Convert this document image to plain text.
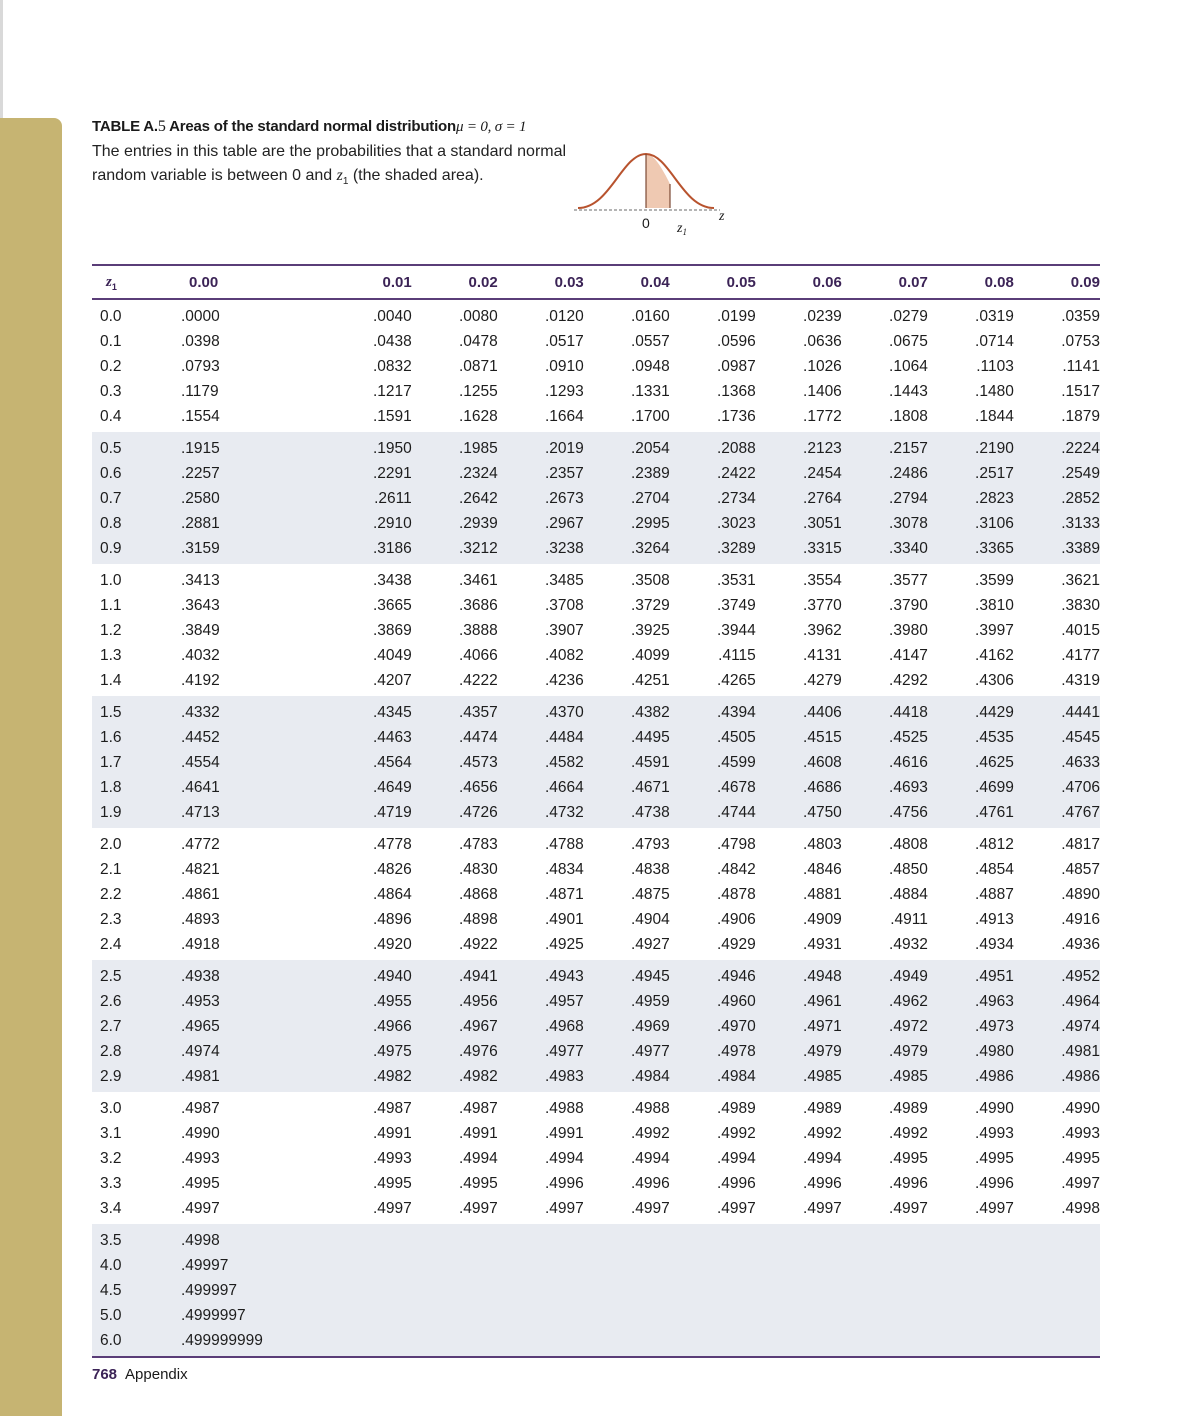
TABLE A.5 Areas of the standard normal distributionμ = 0, σ = 1
The entries in this table are the probabilities that a standard normal random variable is between 0 and $z_1$ (the shaded area).
0 $z_1$
z
$z_1$	0.00	0.01	0.02	0.03	0.04	0.05	0.06	0.07	0.08	0.09
0.0	.0000	.0040	.0080	.0120	.0160	.0199	.0239	.0279	.0319	.0359
0.1	.0398	.0438	.0478	.0517	.0557	.0596	.0636	.0675	.0714	.0753
0.2	.0793	.0832	.0871	.0910	.0948	.0987	.1026	.1064	.1103	.1141
0.3	.1179	.1217	.1255	.1293	.1331	.1368	.1406	.1443	.1480	.1517
0.4	.1554	.1591	.1628	.1664	.1700	.1736	.1772	.1808	.1844	.1879
0.5	.1915	.1950	.1985	.2019	.2054	.2088	.2123	.2157	.2190	.2224
0.6	.2257	.2291	.2324	.2357	.2389	.2422	.2454	.2486	.2517	.2549
0.7	.2580	.2611	.2642	.2673	.2704	.2734	.2764	.2794	.2823	.2852
0.8	.2881	.2910	.2939	.2967	.2995	.3023	.3051	.3078	.3106	.3133
0.9	.3159	.3186	.3212	.3238	.3264	.3289	.3315	.3340	.3365	.3389
1.0	.3413	.3438	.3461	.3485	.3508	.3531	.3554	.3577	.3599	.3621
1.1	.3643	.3665	.3686	.3708	.3729	.3749	.3770	.3790	.3810	.3830
1.2	.3849	.3869	.3888	.3907	.3925	.3944	.3962	.3980	.3997	.4015
1.3	.4032	.4049	.4066	.4082	.4099	.4115	.4131	.4147	.4162	.4177
1.4	.4192	.4207	.4222	.4236	.4251	.4265	.4279	.4292	.4306	.4319
1.5	.4332	.4345	.4357	.4370	.4382	.4394	.4406	.4418	.4429	.4441
1.6	.4452	.4463	.4474	.4484	.4495	.4505	.4515	.4525	.4535	.4545
1.7	.4554	.4564	.4573	.4582	.4591	.4599	.4608	.4616	.4625	.4633
1.8	.4641	.4649	.4656	.4664	.4671	.4678	.4686	.4693	.4699	.4706
1.9	.4713	.4719	.4726	.4732	.4738	.4744	.4750	.4756	.4761	.4767
2.0	.4772	.4778	.4783	.4788	.4793	.4798	.4803	.4808	.4812	.4817
2.1	.4821	.4826	.4830	.4834	.4838	.4842	.4846	.4850	.4854	.4857
2.2	.4861	.4864	.4868	.4871	.4875	.4878	.4881	.4884	.4887	.4890
2.3	.4893	.4896	.4898	.4901	.4904	.4906	.4909	.4911	.4913	.4916
2.4	.4918	.4920	.4922	.4925	.4927	.4929	.4931	.4932	.4934	.4936
2.5	.4938	.4940	.4941	.4943	.4945	.4946	.4948	.4949	.4951	.4952
2.6	.4953	.4955	.4956	.4957	.4959	.4960	.4961	.4962	.4963	.4964
2.7	.4965	.4966	.4967	.4968	.4969	.4970	.4971	.4972	.4973	.4974
2.8	.4974	.4975	.4976	.4977	.4977	.4978	.4979	.4979	.4980	.4981
2.9	.4981	.4982	.4982	.4983	.4984	.4984	.4985	.4985	.4986	.4986
3.0	.4987	.4987	.4987	.4988	.4988	.4989	.4989	.4989	.4990	.4990
3.1	.4990	.4991	.4991	.4991	.4992	.4992	.4992	.4992	.4993	.4993
3.2	.4993	.4993	.4994	.4994	.4994	.4994	.4994	.4995	.4995	.4995
3.3	.4995	.4995	.4995	.4996	.4996	.4996	.4996	.4996	.4996	.4997
3.4	.4997	.4997	.4997	.4997	.4997	.4997	.4997	.4997	.4997	.4998
3.5	.4998									
4.0	.49997									
4.5	.499997									
5.0	.4999997									
6.0	.499999999									

768 Appendix
